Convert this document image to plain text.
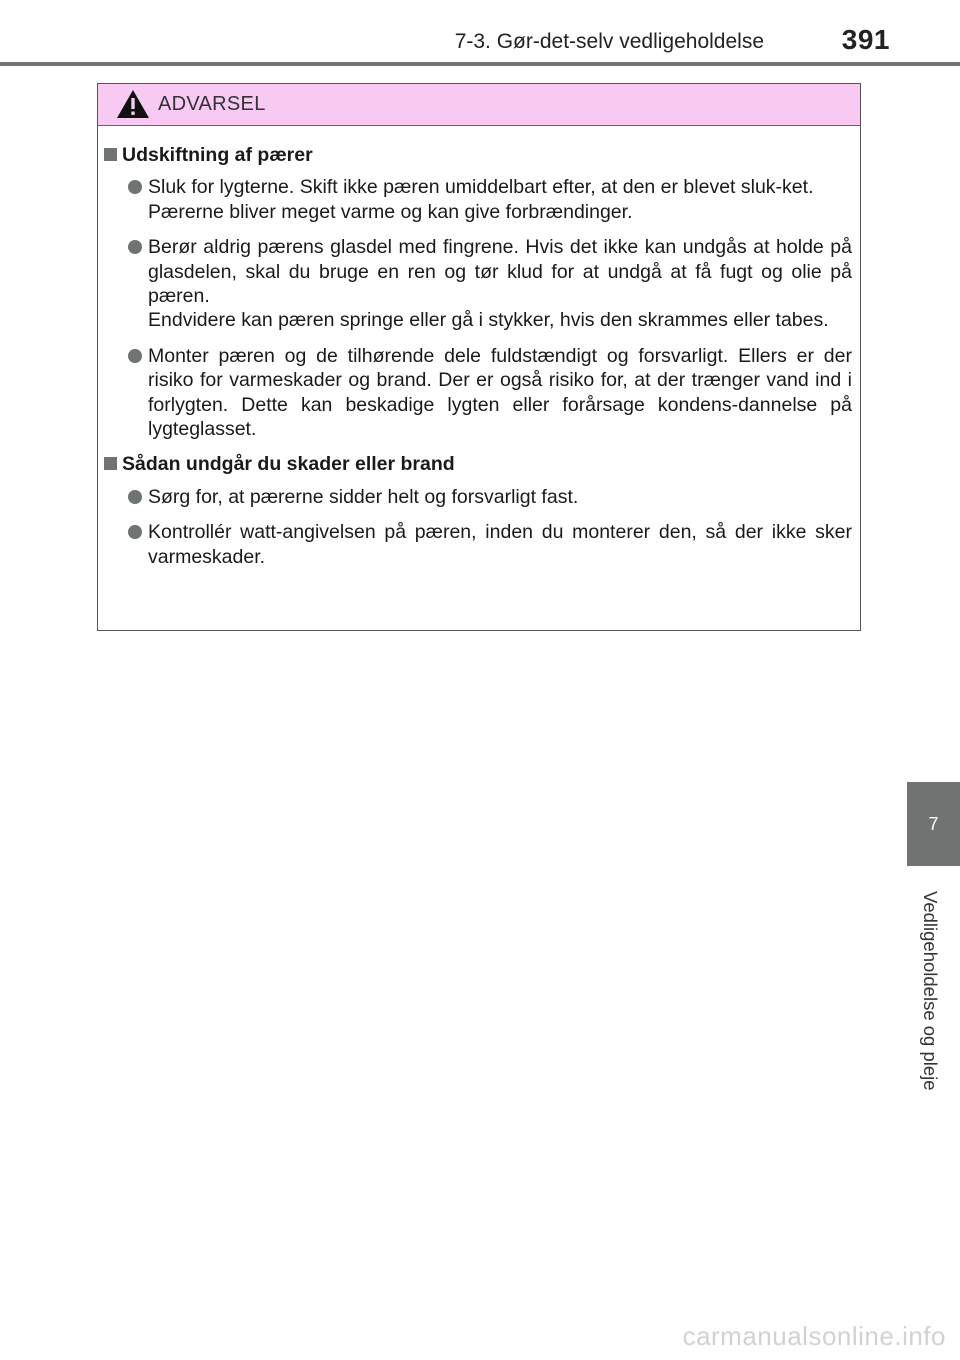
7-3. Gør-det-selv vedligeholdelse	391
ADVARSEL
Udskiftning af pærer

Sluk for lygterne. Skift ikke pæren umiddelbart efter, at den er blevet sluk-ket.

Pærerne bliver meget varme og kan give forbrændinger.

Berør aldrig pærens glasdel med fingrene. Hvis det ikke kan undgås at holde på glasdelen, skal du bruge en ren og tør klud for at undgå at få fugt og olie på pæren.

Endvidere kan pæren springe eller gå i stykker, hvis den skrammes eller tabes.

Monter pæren og de tilhørende dele fuldstændigt og forsvarligt. Ellers er der risiko for varmeskader og brand. Der er også risiko for, at der trænger vand ind i forlygten. Dette kan beskadige lygten eller forårsage kondens-dannelse på lygteglasset.

Sådan undgår du skader eller brand

Sørg for, at pærerne sidder helt og forsvarligt fast.

Kontrollér watt-angivelsen på pæren, inden du monterer den, så der ikke sker varmeskader.

7
Vedligeholdelse og pleje
carmanualsonline.info
